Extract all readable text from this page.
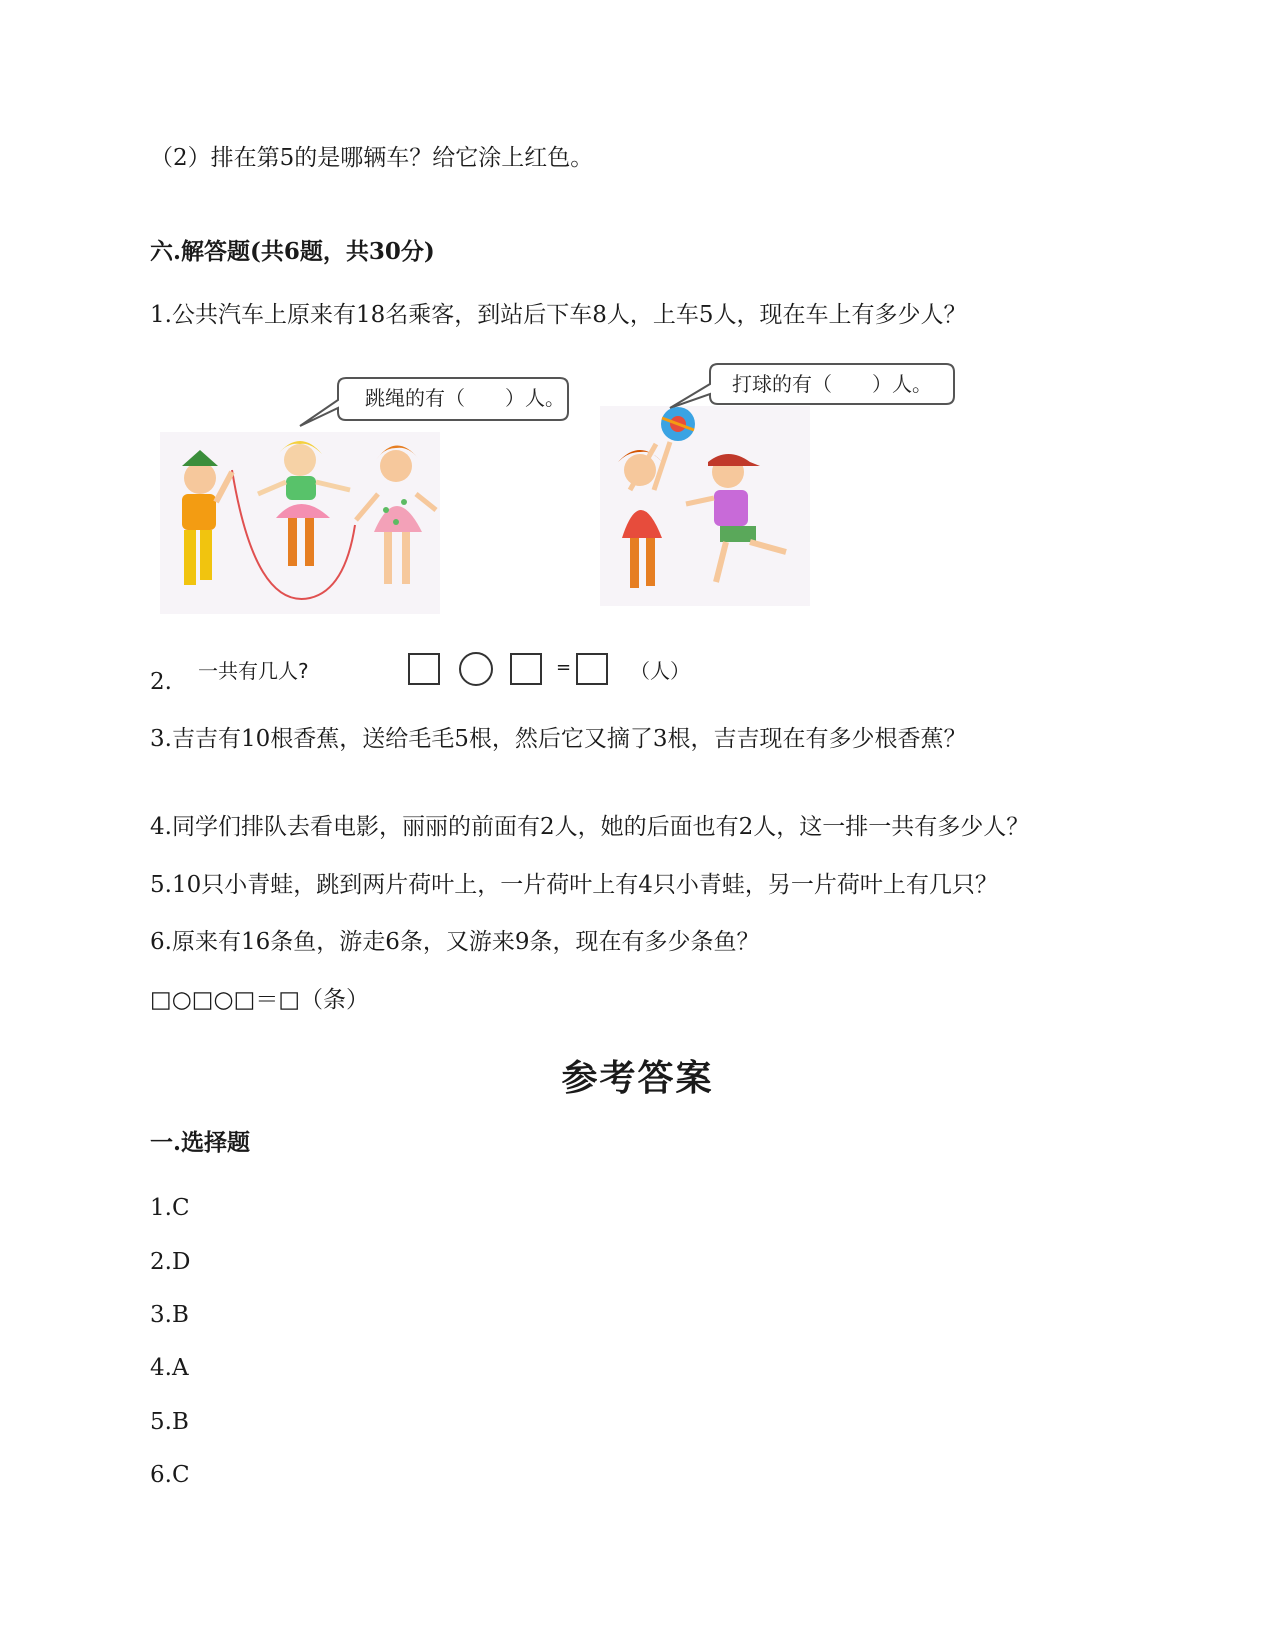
（2）排在第5的是哪辆车？给它涂上红色。
六.解答题(共6题，共30分)
1.公共汽车上原来有18名乘客，到站后下车8人，上车5人，现在车上有多少人？
跳绳的有（　　）人。
打球的有（　　）人。
2. 一共有几人?	=	（人）
3.吉吉有10根香蕉，送给毛毛5根，然后它又摘了3根，吉吉现在有多少根香蕉？
4.同学们排队去看电影，丽丽的前面有2人，她的后面也有2人，这一排一共有多少人？
5.10只小青蛙，跳到两片荷叶上，一片荷叶上有4只小青蛙，另一片荷叶上有几只？
6.原来有16条鱼，游走6条，又游来9条，现在有多少条鱼？
□○□○□＝□（条）
参考答案
一.选择题
1.C
2.D
3.B
4.A
5.B
6.C
